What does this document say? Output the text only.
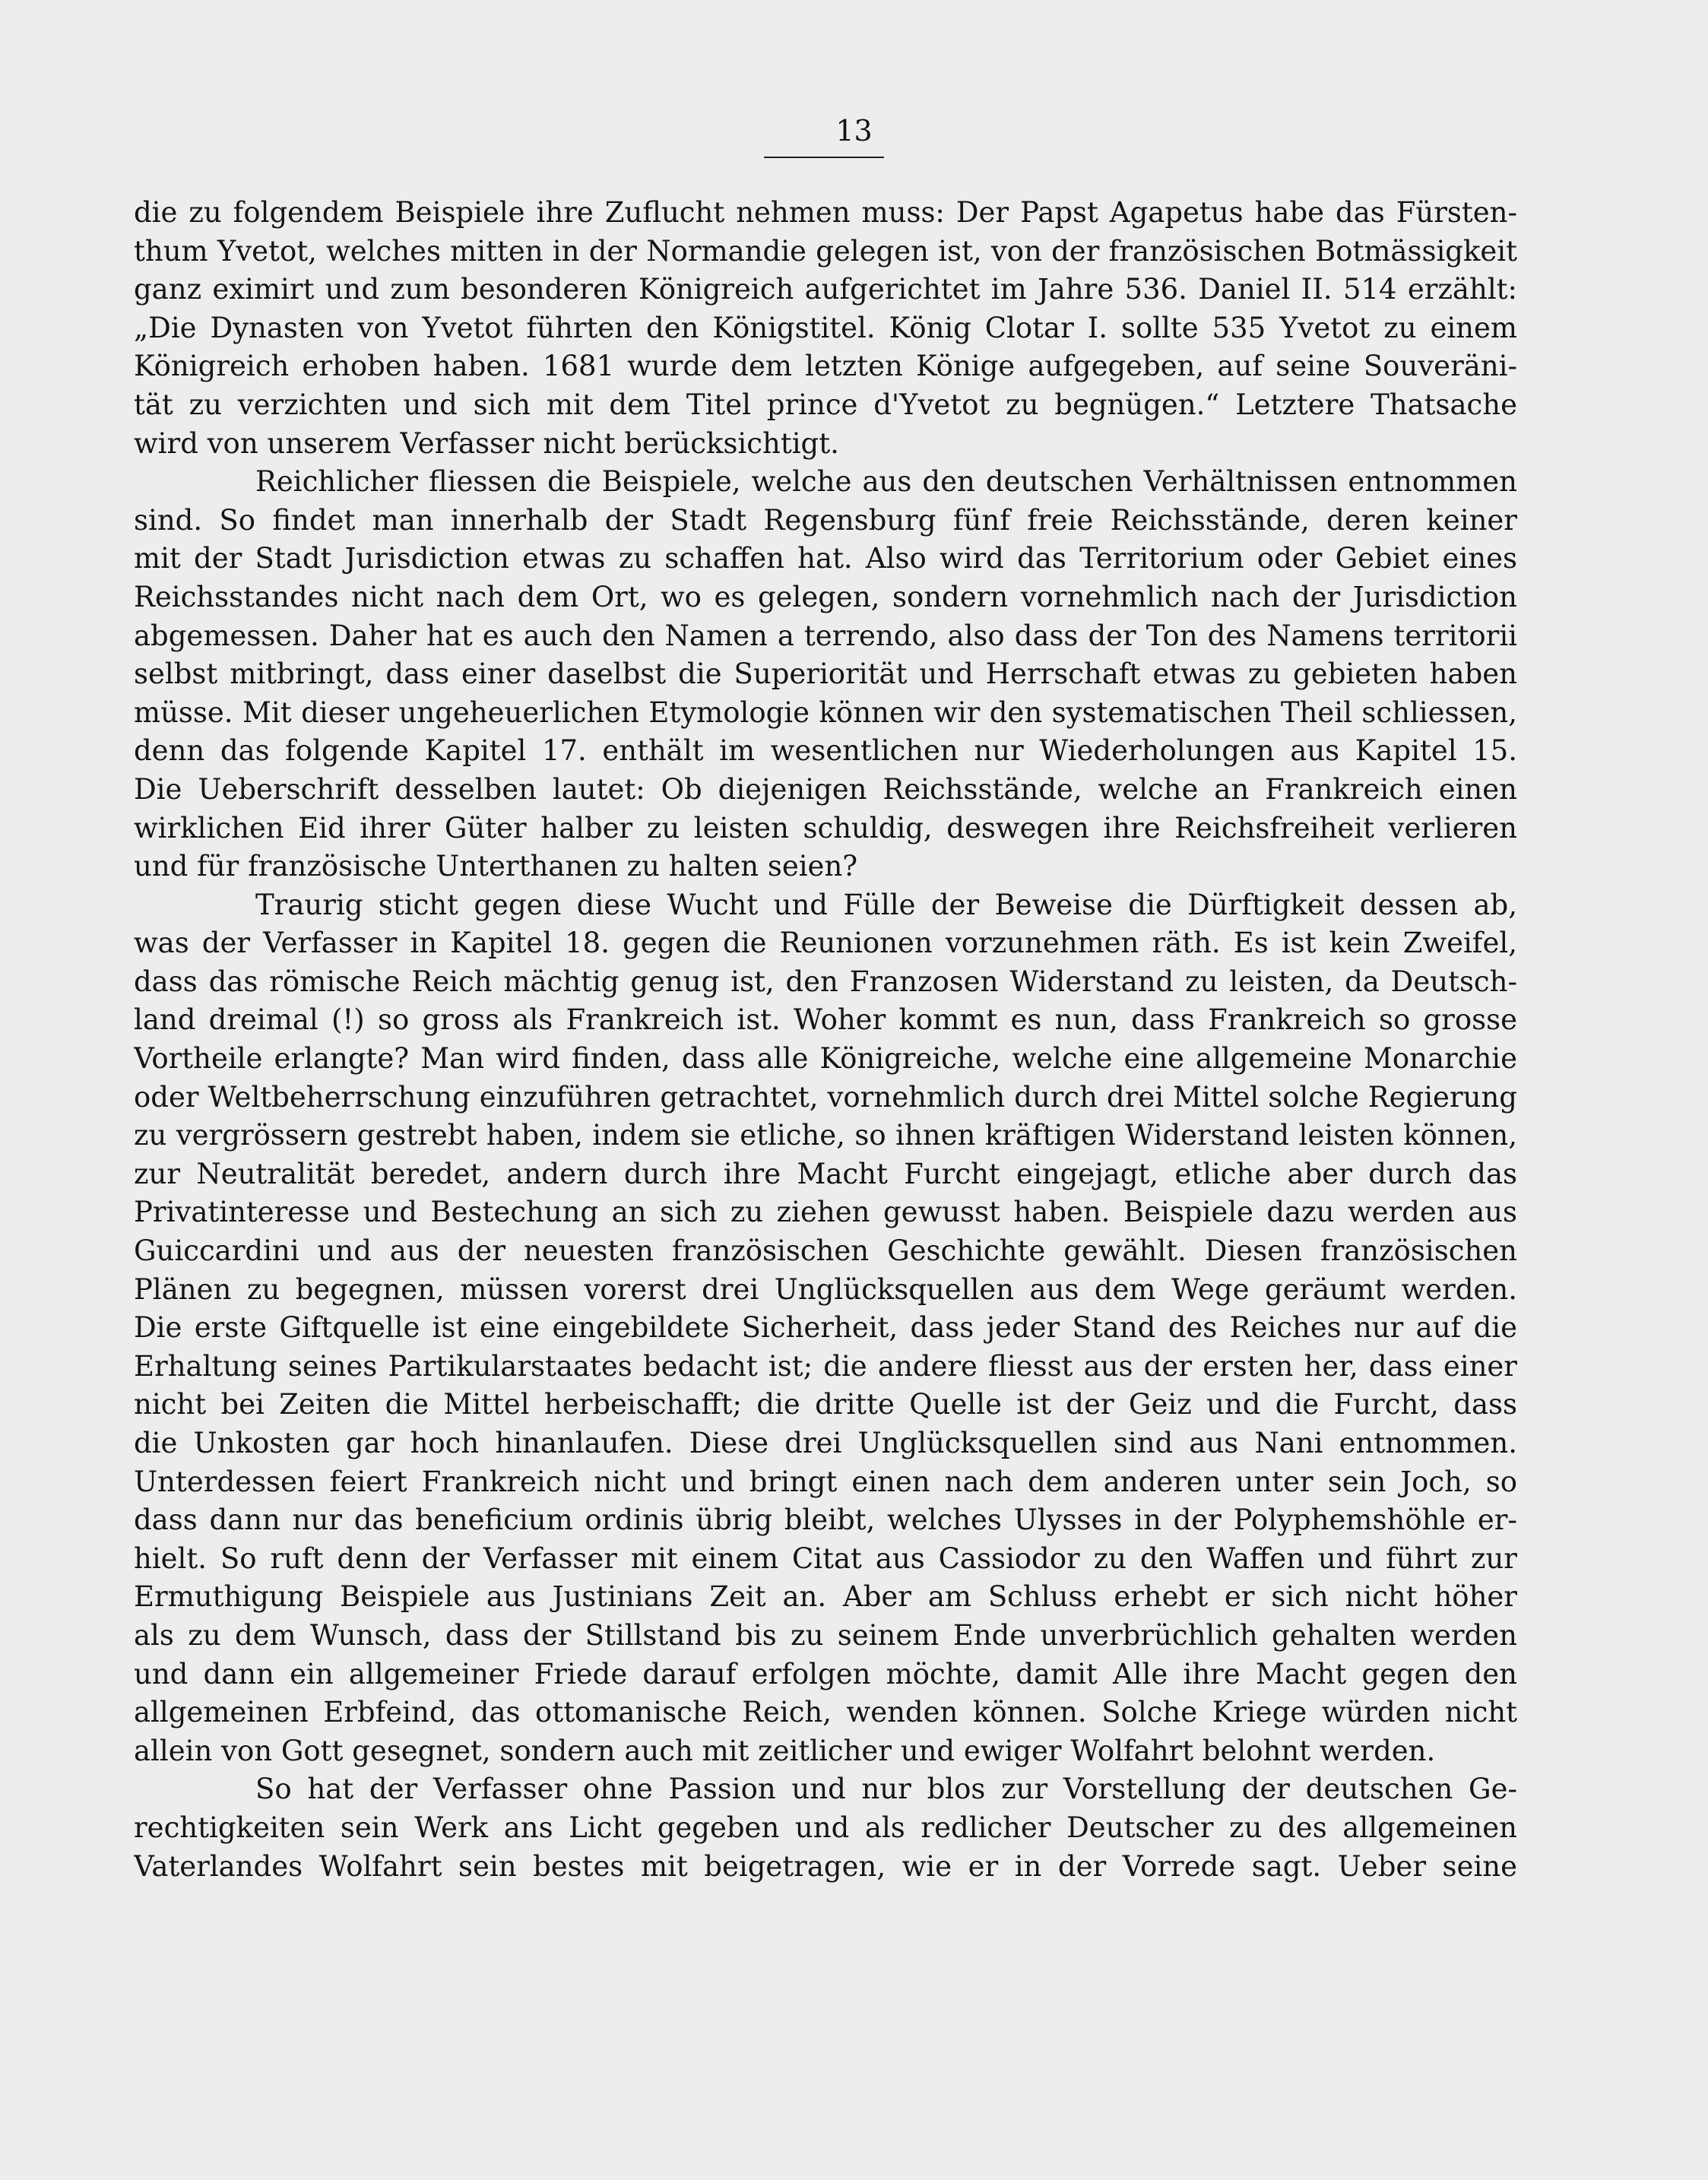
13
die zu folgendem Beispiele ihre Zuflucht nehmen muss: Der Papst Agapetus habe das Fürsten-
thum Yvetot, welches mitten in der Normandie gelegen ist, von der französischen Botmässigkeit
ganz eximirt und zum besonderen Königreich aufgerichtet im Jahre 536. Daniel II. 514 erzählt:
„Die Dynasten von Yvetot führten den Königstitel. König Clotar I. sollte 535 Yvetot zu einem
Königreich erhoben haben. 1681 wurde dem letzten Könige aufgegeben, auf seine Souveräni-
tät zu verzichten und sich mit dem Titel prince d'Yvetot zu begnügen.“ Letztere Thatsache
wird von unserem Verfasser nicht berücksichtigt.
Reichlicher fliessen die Beispiele, welche aus den deutschen Verhältnissen entnommen
sind. So findet man innerhalb der Stadt Regensburg fünf freie Reichsstände, deren keiner
mit der Stadt Jurisdiction etwas zu schaffen hat. Also wird das Territorium oder Gebiet eines
Reichsstandes nicht nach dem Ort, wo es gelegen, sondern vornehmlich nach der Jurisdiction
abgemessen. Daher hat es auch den Namen a terrendo, also dass der Ton des Namens territorii
selbst mitbringt, dass einer daselbst die Superiorität und Herrschaft etwas zu gebieten haben
müsse. Mit dieser ungeheuerlichen Etymologie können wir den systematischen Theil schliessen,
denn das folgende Kapitel 17. enthält im wesentlichen nur Wiederholungen aus Kapitel 15.
Die Ueberschrift desselben lautet: Ob diejenigen Reichsstände, welche an Frankreich einen
wirklichen Eid ihrer Güter halber zu leisten schuldig, deswegen ihre Reichsfreiheit verlieren
und für französische Unterthanen zu halten seien?
Traurig sticht gegen diese Wucht und Fülle der Beweise die Dürftigkeit dessen ab,
was der Verfasser in Kapitel 18. gegen die Reunionen vorzunehmen räth. Es ist kein Zweifel,
dass das römische Reich mächtig genug ist, den Franzosen Widerstand zu leisten, da Deutsch-
land dreimal (!) so gross als Frankreich ist. Woher kommt es nun, dass Frankreich so grosse
Vortheile erlangte? Man wird finden, dass alle Königreiche, welche eine allgemeine Monarchie
oder Weltbeherrschung einzuführen getrachtet, vornehmlich durch drei Mittel solche Regierung
zu vergrössern gestrebt haben, indem sie etliche, so ihnen kräftigen Widerstand leisten können,
zur Neutralität beredet, andern durch ihre Macht Furcht eingejagt, etliche aber durch das
Privatinteresse und Bestechung an sich zu ziehen gewusst haben. Beispiele dazu werden aus
Guiccardini und aus der neuesten französischen Geschichte gewählt. Diesen französischen
Plänen zu begegnen, müssen vorerst drei Unglücksquellen aus dem Wege geräumt werden.
Die erste Giftquelle ist eine eingebildete Sicherheit, dass jeder Stand des Reiches nur auf die
Erhaltung seines Partikularstaates bedacht ist; die andere fliesst aus der ersten her, dass einer
nicht bei Zeiten die Mittel herbeischafft; die dritte Quelle ist der Geiz und die Furcht, dass
die Unkosten gar hoch hinanlaufen. Diese drei Unglücksquellen sind aus Nani entnommen.
Unterdessen feiert Frankreich nicht und bringt einen nach dem anderen unter sein Joch, so
dass dann nur das beneficium ordinis übrig bleibt, welches Ulysses in der Polyphemshöhle er-
hielt. So ruft denn der Verfasser mit einem Citat aus Cassiodor zu den Waffen und führt zur
Ermuthigung Beispiele aus Justinians Zeit an. Aber am Schluss erhebt er sich nicht höher
als zu dem Wunsch, dass der Stillstand bis zu seinem Ende unverbrüchlich gehalten werden
und dann ein allgemeiner Friede darauf erfolgen möchte, damit Alle ihre Macht gegen den
allgemeinen Erbfeind, das ottomanische Reich, wenden können. Solche Kriege würden nicht
allein von Gott gesegnet, sondern auch mit zeitlicher und ewiger Wolfahrt belohnt werden.
So hat der Verfasser ohne Passion und nur blos zur Vorstellung der deutschen Ge-
rechtigkeiten sein Werk ans Licht gegeben und als redlicher Deutscher zu des allgemeinen
Vaterlandes Wolfahrt sein bestes mit beigetragen, wie er in der Vorrede sagt. Ueber seine
